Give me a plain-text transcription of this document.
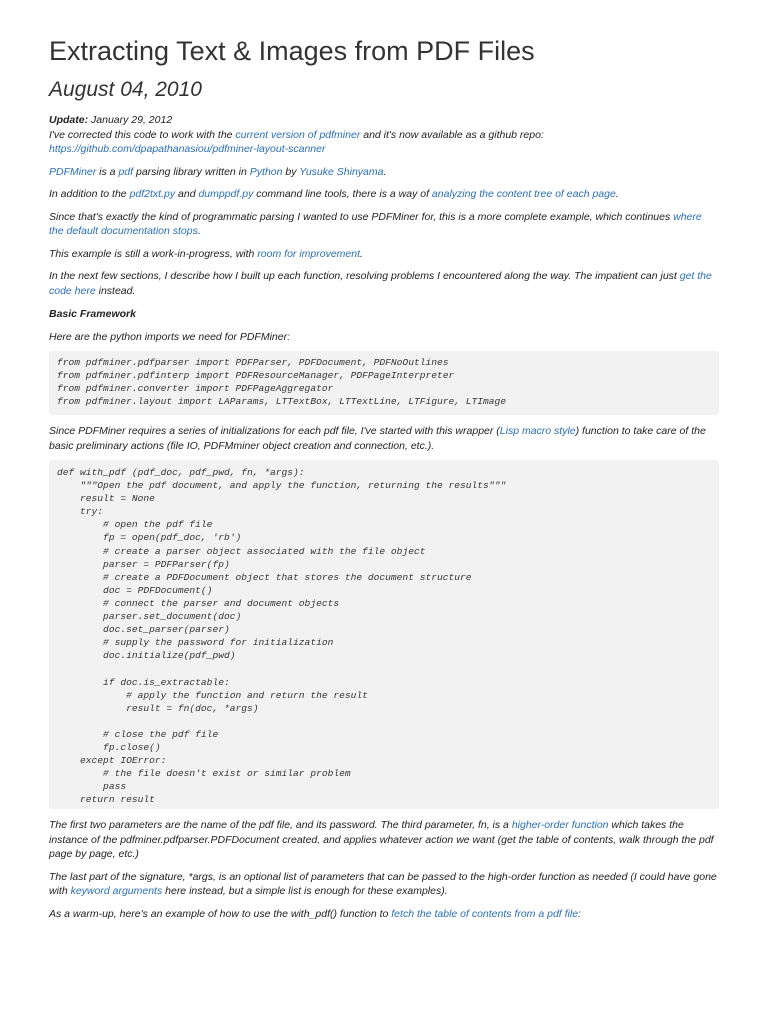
Extracting Text & Images from PDF Files
August 04, 2010

Update: January 29, 2012
I've corrected this code to work with the current version of pdfminer and it's now available as a github repo:
https://github.com/dpapathanasiou/pdfminer-layout-scanner

PDFMiner is a pdf parsing library written in Python by Yusuke Shinyama.

In addition to the pdf2txt.py and dumppdf.py command line tools, there is a way of analyzing the content tree of each page.

Since that's exactly the kind of programmatic parsing I wanted to use PDFMiner for, this is a more complete example, which continues where the default documentation stops.

This example is still a work-in-progress, with room for improvement.

In the next few sections, I describe how I built up each function, resolving problems I encountered along the way. The impatient can just get the code here instead.

Basic Framework

Here are the python imports we need for PDFMiner:

from pdfminer.pdfparser import PDFParser, PDFDocument, PDFNoOutlines
from pdfminer.pdfinterp import PDFResourceManager, PDFPageInterpreter
from pdfminer.converter import PDFPageAggregator
from pdfminer.layout import LAParams, LTTextBox, LTTextLine, LTFigure, LTImage

Since PDFMiner requires a series of initializations for each pdf file, I've started with this wrapper (Lisp macro style) function to take care of the basic preliminary actions (file IO, PDFMminer object creation and connection, etc.).

def with_pdf (pdf_doc, pdf_pwd, fn, *args):
"""Open the pdf document, and apply the function, returning the results"""
result = None
try:
# open the pdf file
fp = open(pdf_doc, 'rb')
# create a parser object associated with the file object
parser = PDFParser(fp)
# create a PDFDocument object that stores the document structure
doc = PDFDocument()
# connect the parser and document objects
parser.set_document(doc)
doc.set_parser(parser)
# supply the password for initialization
doc.initialize(pdf_pwd)

if doc.is_extractable:
# apply the function and return the result
result = fn(doc, *args)

# close the pdf file
fp.close()
except IOError:
# the file doesn't exist or similar problem
pass
return result

The first two parameters are the name of the pdf file, and its password. The third parameter, fn, is a higher-order function which takes the instance of the pdfminer.pdfparser.PDFDocument created, and applies whatever action we want (get the table of contents, walk through the pdf page by page, etc.)

The last part of the signature, *args, is an optional list of parameters that can be passed to the high-order function as needed (I could have gone with keyword arguments here instead, but a simple list is enough for these examples).

As a warm-up, here's an example of how to use the with_pdf() function to fetch the table of contents from a pdf file:
